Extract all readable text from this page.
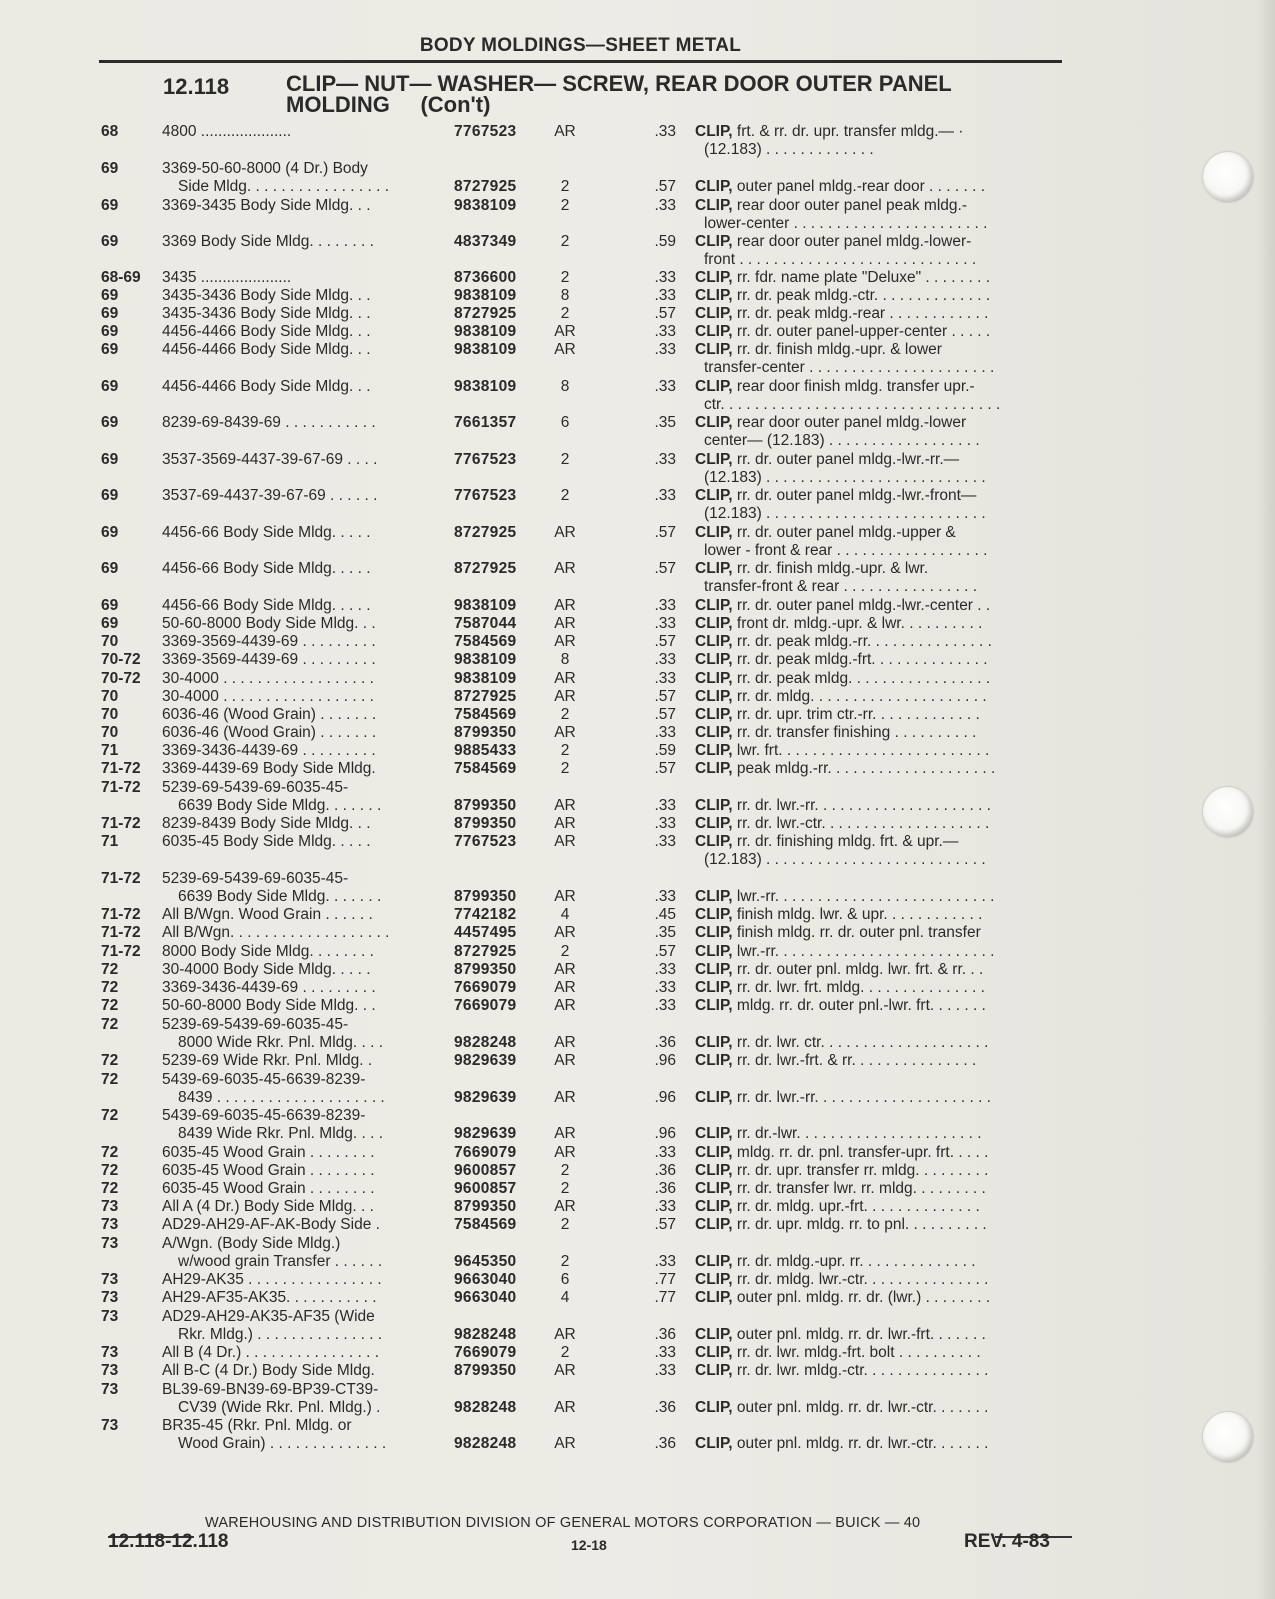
BODY MOLDINGS—SHEET METAL
12.118	CLIP— NUT— WASHER— SCREW, REAR DOOR OUTER PANEL
MOLDING     (Con't)
68	4800 .....................	7767523	AR	.33 CLIP, frt. & rr. dr. upr. transfer mldg.— ·
(12.183) . . . . . . . . . . . . .
69	3369-50-60-8000 (4 Dr.) Body
Side Mldg. . . . . . . . . . . . . . . . .	8727925	2	.57 CLIP, outer panel mldg.-rear door . . . . . . .
69	3369-3435 Body Side Mldg. . .	9838109	2	.33 CLIP, rear door outer panel peak mldg.-
lower-center . . . . . . . . . . . . . . . . . . . . . . .
69	3369 Body Side Mldg. . . . . . . .	4837349	2	.59 CLIP, rear door outer panel mldg.-lower-
front . . . . . . . . . . . . . . . . . . . . . . . . . . . .
68-69 3435 .....................	8736600	2	.33 CLIP, rr. fdr. name plate "Deluxe" . . . . . . . .
69	3435-3436 Body Side Mldg. . .	9838109	8	.33 CLIP, rr. dr. peak mldg.-ctr. . . . . . . . . . . . . .
69	3435-3436 Body Side Mldg. . .	8727925	2	.57 CLIP, rr. dr. peak mldg.-rear . . . . . . . . . . . .
69	4456-4466 Body Side Mldg. . .	9838109	AR	.33 CLIP, rr. dr. outer panel-upper-center . . . . .
69	4456-4466 Body Side Mldg. . .	9838109	AR	.33 CLIP, rr. dr. finish mldg.-upr. & lower
transfer-center . . . . . . . . . . . . . . . . . . . . . .
69	4456-4466 Body Side Mldg. . .	9838109	8	.33 CLIP, rear door finish mldg. transfer upr.-
ctr. . . . . . . . . . . . . . . . . . . . . . . . . . . . . . . . .
69	8239-69-8439-69 . . . . . . . . . . .	7661357	6	.35 CLIP, rear door outer panel mldg.-lower
center— (12.183) . . . . . . . . . . . . . . . . . .
69	3537-3569-4437-39-67-69 . . . .	7767523	2	.33 CLIP, rr. dr. outer panel mldg.-lwr.-rr.—
(12.183) . . . . . . . . . . . . . . . . . . . . . . . . . .
69	3537-69-4437-39-67-69 . . . . . .	7767523	2	.33 CLIP, rr. dr. outer panel mldg.-lwr.-front—
(12.183) . . . . . . . . . . . . . . . . . . . . . . . . . .
69	4456-66 Body Side Mldg. . . . .	8727925	AR	.57 CLIP, rr. dr. outer panel mldg.-upper &
lower - front & rear . . . . . . . . . . . . . . . . . .
69	4456-66 Body Side Mldg. . . . .	8727925	AR	.57 CLIP, rr. dr. finish mldg.-upr. & lwr.
transfer-front & rear . . . . . . . . . . . . . . . .
69	4456-66 Body Side Mldg. . . . .	9838109	AR	.33 CLIP, rr. dr. outer panel mldg.-lwr.-center . .
69	50-60-8000 Body Side Mldg. . .	7587044	AR	.33 CLIP, front dr. mldg.-upr. & lwr. . . . . . . . . .
70	3369-3569-4439-69 . . . . . . . . .	7584569	AR	.57 CLIP, rr. dr. peak mldg.-rr. . . . . . . . . . . . . . .
70-72 3369-3569-4439-69 . . . . . . . . .	9838109	8	.33 CLIP, rr. dr. peak mldg.-frt. . . . . . . . . . . . . .
70-72 30-4000 . . . . . . . . . . . . . . . . . .	9838109	AR	.33 CLIP, rr. dr. peak mldg. . . . . . . . . . . . . . . . .
70	30-4000 . . . . . . . . . . . . . . . . . .	8727925	AR	.57 CLIP, rr. dr. mldg. . . . . . . . . . . . . . . . . . . . .
70	6036-46 (Wood Grain) . . . . . . .	7584569	2	.57 CLIP, rr. dr. upr. trim ctr.-rr. . . . . . . . . . . . .
70	6036-46 (Wood Grain) . . . . . . .	8799350	AR	.33 CLIP, rr. dr. transfer finishing . . . . . . . . . .
71	3369-3436-4439-69 . . . . . . . . .	9885433	2	.59 CLIP, lwr. frt. . . . . . . . . . . . . . . . . . . . . . . . .
71-72 3369-4439-69 Body Side Mldg.	7584569	2	.57 CLIP, peak mldg.-rr. . . . . . . . . . . . . . . . . . . .
71-72 5239-69-5439-69-6035-45-
6639 Body Side Mldg. . . . . . .	8799350	AR	.33 CLIP, rr. dr. lwr.-rr. . . . . . . . . . . . . . . . . . . . .
71-72 8239-8439 Body Side Mldg. . .	8799350	AR	.33 CLIP, rr. dr. lwr.-ctr. . . . . . . . . . . . . . . . . . . .
71	6035-45 Body Side Mldg. . . . .	7767523	AR	.33 CLIP, rr. dr. finishing mldg. frt. & upr.—
(12.183) . . . . . . . . . . . . . . . . . . . . . . . . . .
71-72 5239-69-5439-69-6035-45-
6639 Body Side Mldg. . . . . . .	8799350	AR	.33 CLIP, lwr.-rr. . . . . . . . . . . . . . . . . . . . . . . . . .
71-72 All B/Wgn. Wood Grain . . . . . .	7742182	4	.45 CLIP, finish mldg. lwr. & upr. . . . . . . . . . . .
71-72 All B/Wgn. . . . . . . . . . . . . . . . . . .	4457495	AR	.35 CLIP, finish mldg. rr. dr. outer pnl. transfer
71-72 8000 Body Side Mldg. . . . . . . .	8727925	2	.57 CLIP, lwr.-rr. . . . . . . . . . . . . . . . . . . . . . . . . .
72	30-4000 Body Side Mldg. . . . .	8799350	AR	.33 CLIP, rr. dr. outer pnl. mldg. lwr. frt. & rr. . .
72	3369-3436-4439-69 . . . . . . . . .	7669079	AR	.33 CLIP, rr. dr. lwr. frt. mldg. . . . . . . . . . . . . . .
72	50-60-8000 Body Side Mldg. . .	7669079	AR	.33 CLIP, mldg. rr. dr. outer pnl.-lwr. frt. . . . . . .
72	5239-69-5439-69-6035-45-
8000 Wide Rkr. Pnl. Mldg. . . .	9828248	AR	.36 CLIP, rr. dr. lwr. ctr. . . . . . . . . . . . . . . . . . . .
72	5239-69 Wide Rkr. Pnl. Mldg. .	9829639	AR	.96 CLIP, rr. dr. lwr.-frt. & rr. . . . . . . . . . . . . . .
72	5439-69-6035-45-6639-8239-
8439 . . . . . . . . . . . . . . . . . . . .	9829639	AR	.96 CLIP, rr. dr. lwr.-rr. . . . . . . . . . . . . . . . . . . . .
72	5439-69-6035-45-6639-8239-
8439 Wide Rkr. Pnl. Mldg. . . .	9829639	AR	.96 CLIP, rr. dr.-lwr. . . . . . . . . . . . . . . . . . . . . .
72	6035-45 Wood Grain . . . . . . . .	7669079	AR	.33 CLIP, mldg. rr. dr. pnl. transfer-upr. frt. . . . .
72	6035-45 Wood Grain . . . . . . . .	9600857	2	.36 CLIP, rr. dr. upr. transfer rr. mldg. . . . . . . . .
72	6035-45 Wood Grain . . . . . . . .	9600857	2	.36 CLIP, rr. dr. transfer lwr. rr. mldg. . . . . . . . .
73	All A (4 Dr.) Body Side Mldg. . .	8799350	AR	.33 CLIP, rr. dr. mldg. upr.-frt. . . . . . . . . . . . . .
73	AD29-AH29-AF-AK-Body Side .	7584569	2	.57 CLIP, rr. dr. upr. mldg. rr. to pnl. . . . . . . . . .
73	A/Wgn. (Body Side Mldg.)
w/wood grain Transfer . . . . . .	9645350	2	.33 CLIP, rr. dr. mldg.-upr. rr. . . . . . . . . . . . . .
73	AH29-AK35 . . . . . . . . . . . . . . . .	9663040	6	.77 CLIP, rr. dr. mldg. lwr.-ctr. . . . . . . . . . . . . . .
73	AH29-AF35-AK35. . . . . . . . . . .	9663040	4	.77 CLIP, outer pnl. mldg. rr. dr. (lwr.) . . . . . . . .
73	AD29-AH29-AK35-AF35 (Wide
Rkr. Mldg.) . . . . . . . . . . . . . . .	9828248	AR	.36 CLIP, outer pnl. mldg. rr. dr. lwr.-frt. . . . . . .
73	All B (4 Dr.) . . . . . . . . . . . . . . . .	7669079	2	.33 CLIP, rr. dr. lwr. mldg.-frt. bolt . . . . . . . . . .
73	All B-C (4 Dr.) Body Side Mldg.	8799350	AR	.33 CLIP, rr. dr. lwr. mldg.-ctr. . . . . . . . . . . . . . .
73	BL39-69-BN39-69-BP39-CT39-
CV39 (Wide Rkr. Pnl. Mldg.) .	9828248	AR	.36 CLIP, outer pnl. mldg. rr. dr. lwr.-ctr. . . . . . .
73	BR35-45 (Rkr. Pnl. Mldg. or
Wood Grain) . . . . . . . . . . . . . .	9828248	AR	.36 CLIP, outer pnl. mldg. rr. dr. lwr.-ctr. . . . . . .
WAREHOUSING AND DISTRIBUTION DIVISION OF GENERAL MOTORS CORPORATION — BUICK — 40
12.118-12.118	12-18	REV. 4-83
